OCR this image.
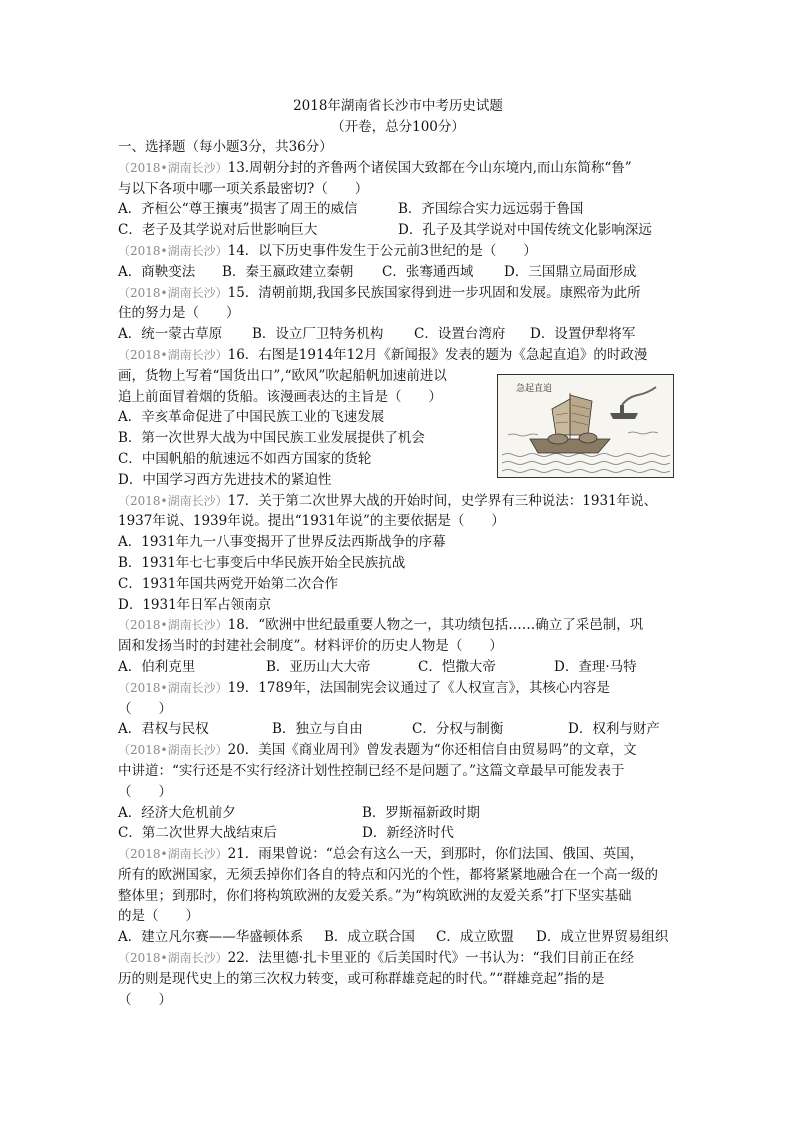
2018年湖南省长沙市中考历史试题
（开卷，总分100分）
一、选择题（每小题3分，共36分）
（2018•湖南长沙）13.周朝分封的齐鲁两个诸侯国大致都在今山东境内,而山东简称“鲁”
与以下各项中哪一项关系最密切?（　　）
A．齐桓公“尊王攘夷”损害了周王的威信	B．齐国综合实力远远弱于鲁国
C．老子及其学说对后世影响巨大	D．孔子及其学说对中国传统文化影响深远
（2018•湖南长沙）14．以下历史事件发生于公元前3世纪的是（　　）
A．商鞅变法	B．秦王嬴政建立秦朝	C．张骞通西域	D．三国鼎立局面形成
（2018•湖南长沙）15．清朝前期,我国多民族国家得到进一步巩固和发展。康熙帝为此所
住的努力是（　　）
A．统一蒙古草原	B．设立厂卫特务机构	C．设置台湾府	D．设置伊犁将军
（2018•湖南长沙）16．右图是1914年12月《新闻报》发表的题为《急起直追》的时政漫
画，货物上写着“国货出口”,“欧风”吹起船帆加速前进以
追上前面冒着烟的货船。该漫画表达的主旨是（　　）
A．辛亥革命促进了中国民族工业的飞速发展
B．第一次世界大战为中国民族工业发展提供了机会
C．中国帆船的航速远不如西方国家的货轮
D．中国学习西方先进技术的紧迫性
（2018•湖南长沙）17．关于第二次世界大战的开始时间，史学界有三种说法：1931年说、
1937年说、1939年说。提出“1931年说”的主要依据是（　　）
A．1931年九一八事变揭开了世界反法西斯战争的序幕
B．1931年七七事变后中华民族开始全民族抗战
C．1931年国共两党开始第二次合作
D．1931年日军占领南京
（2018•湖南长沙）18．“欧洲中世纪最重要人物之一，其功绩包括……确立了采邑制，巩
固和发扬当时的封建社会制度”。材料评价的历史人物是（　　）
A．伯利克里	B．亚历山大大帝	C．恺撒大帝	D．查理·马特
（2018•湖南长沙）19．1789年，法国制宪会议通过了《人权宣言》，其核心内容是
（　　）
A．君权与民权	B．独立与自由	C．分权与制衡	D．权利与财产
（2018•湖南长沙）20．美国《商业周刊》曾发表题为“你还相信自由贸易吗”的文章，文
中讲道：“实行还是不实行经济计划性控制已经不是问题了。”这篇文章最早可能发表于
（　　）
A．经济大危机前夕	B．罗斯福新政时期
C．第二次世界大战结束后	D．新经济时代
（2018•湖南长沙）21．雨果曾说：“总会有这么一天，到那时，你们法国、俄国、英国，
所有的欧洲国家，无须丢掉你们各自的特点和闪光的个性，都将紧紧地融合在一个高一级的
整体里；到那时，你们将构筑欧洲的友爱关系。”为“构筑欧洲的友爱关系”打下坚实基础
的是（　　）
A．建立凡尔赛——华盛顿体系	B．成立联合国	C．成立欧盟	D．成立世界贸易组织
（2018•湖南长沙）22．法里德·扎卡里亚的《后美国时代》一书认为：“我们目前正在经
历的则是现代史上的第三次权力转变，或可称群雄竞起的时代。”“群雄竞起”指的是
（　　）
急起直追
